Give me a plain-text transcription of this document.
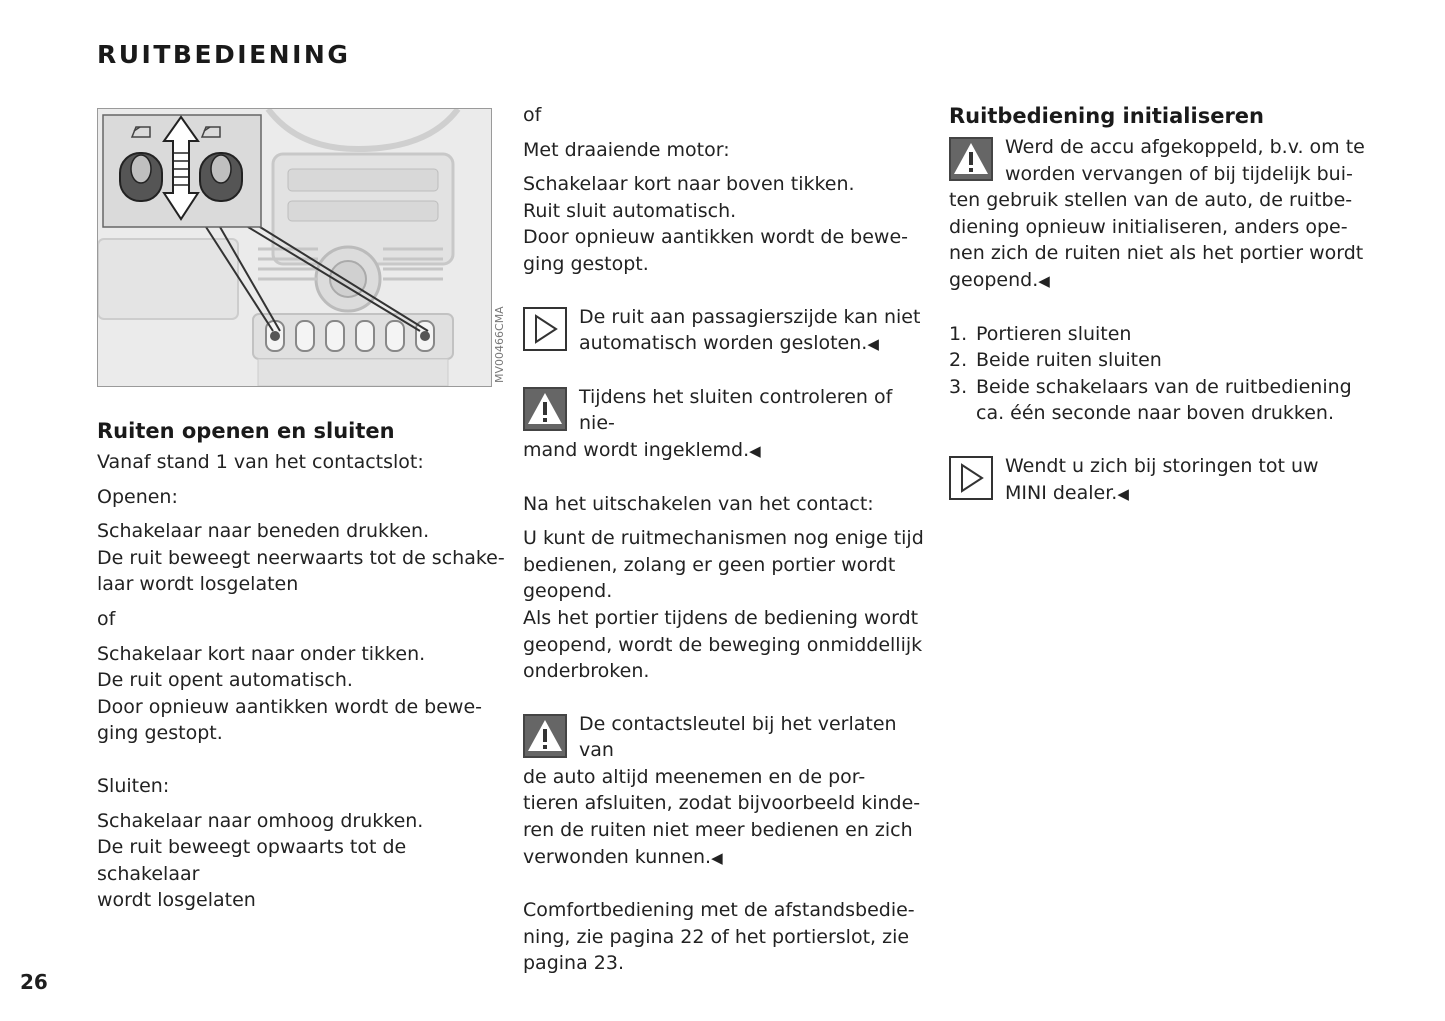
RUITBEDIENING
MV00466CMA
Ruiten openen en sluiten

Vanaf stand 1 van het contactslot:

Openen:

Schakelaar naar beneden drukken.

De ruit beweegt neerwaarts tot de schake-

laar wordt losgelaten

of

Schakelaar kort naar onder tikken.

De ruit opent automatisch.

Door opnieuw aantikken wordt de bewe-

ging gestopt.

Sluiten:

Schakelaar naar omhoog drukken.

De ruit beweegt opwaarts tot de schakelaar

wordt losgelaten

of

Met draaiende motor:

Schakelaar kort naar boven tikken.

Ruit sluit automatisch.

Door opnieuw aantikken wordt de bewe-

ging gestopt.

De ruit aan passagierszijde kan niet

automatisch worden gesloten.◀

Tijdens het sluiten controleren of nie-

mand wordt ingeklemd.◀

Na het uitschakelen van het contact:

U kunt de ruitmechanismen nog enige tijd

bedienen, zolang er geen portier wordt

geopend.

Als het portier tijdens de bediening wordt

geopend, wordt de beweging onmiddellijk

onderbroken.

De contactsleutel bij het verlaten van

de auto altijd meenemen en de por-

tieren afsluiten, zodat bijvoorbeeld kinde-

ren de ruiten niet meer bedienen en zich

verwonden kunnen.◀

Comfortbediening met de afstandsbedie-

ning, zie pagina 22 of het portierslot, zie

pagina 23.

Ruitbediening initialiseren

Werd de accu afgekoppeld, b.v. om te

worden vervangen of bij tijdelijk bui-

ten gebruik stellen van de auto, de ruitbe-

diening opnieuw initialiseren, anders ope-

nen zich de ruiten niet als het portier wordt

geopend.◀

1. Portieren sluiten
2. Beide ruiten sluiten
3. Beide schakelaars van de ruitbediening
ca. één seconde naar boven drukken.

Wendt u zich bij storingen tot uw

MINI dealer.◀

26
